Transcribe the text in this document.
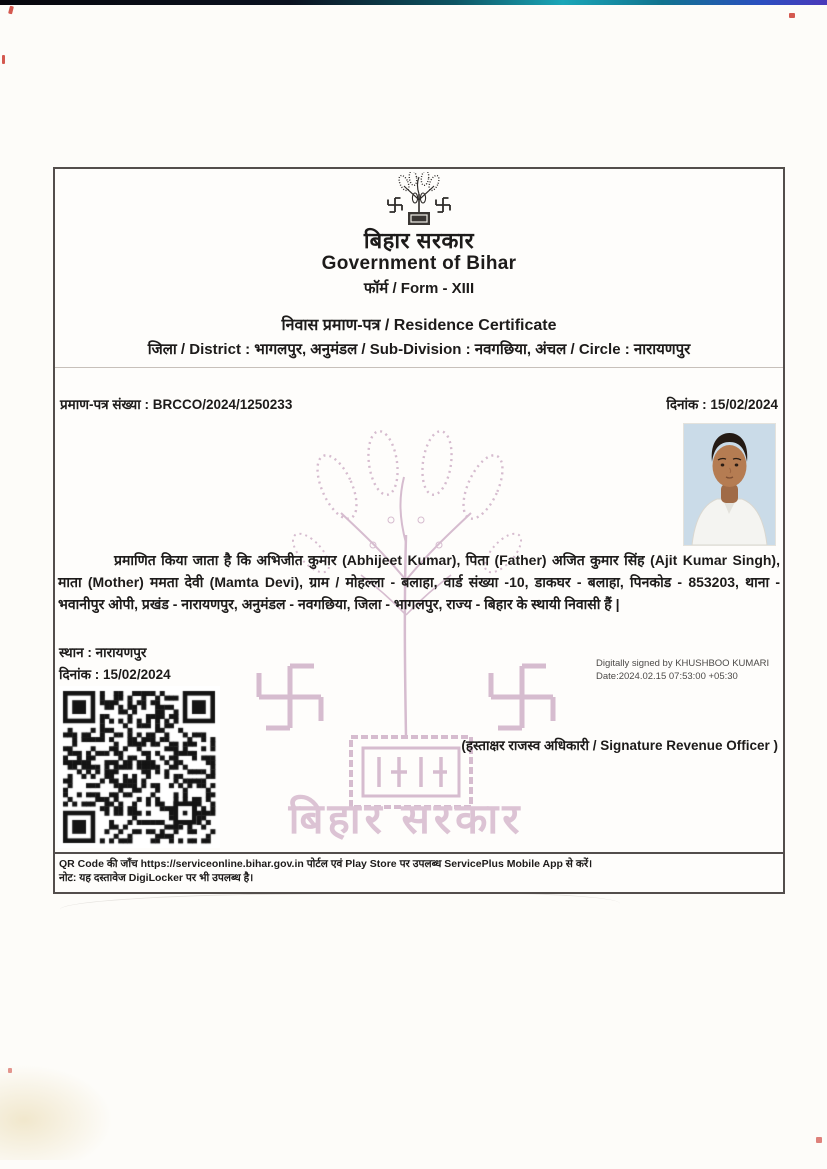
बिहार सरकार
बिहार सरकार
Government of Bihar
फॉर्म / Form - XIII
निवास प्रमाण-पत्र / Residence Certificate
जिला / District : भागलपुर, अनुमंडल / Sub-Division : नवगछिया, अंचल / Circle : नारायणपुर
प्रमाण-पत्र संख्या : BRCCO/2024/1250233	दिनांक : 15/02/2024
प्रमाणित किया जाता है कि अभिजीत कुमार (Abhijeet Kumar), पिता (Father) अजित कुमार सिंह (Ajit Kumar Singh), माता (Mother) ममता देवी (Mamta Devi), ग्राम / मोहल्ला - बलाहा, वार्ड संख्या -10, डाकघर - बलाहा, पिनकोड - 853203, थाना - भवानीपुर ओपी, प्रखंड - नारायणपुर, अनुमंडल - नवगछिया, जिला - भागलपुर, राज्य - बिहार के स्थायी निवासी हैं |
स्थान : नारायणपुर
दिनांक : 15/02/2024
Digitally signed by KHUSHBOO KUMARI
Date:2024.02.15 07:53:00 +05:30
(हस्ताक्षर राजस्व अधिकारी / Signature Revenue Officer )
QR Code की जाँच https://serviceonline.bihar.gov.in पोर्टल एवं Play Store पर उपलब्ध ServicePlus Mobile App से करें।
नोट: यह दस्तावेज DigiLocker पर भी उपलब्ध है।
